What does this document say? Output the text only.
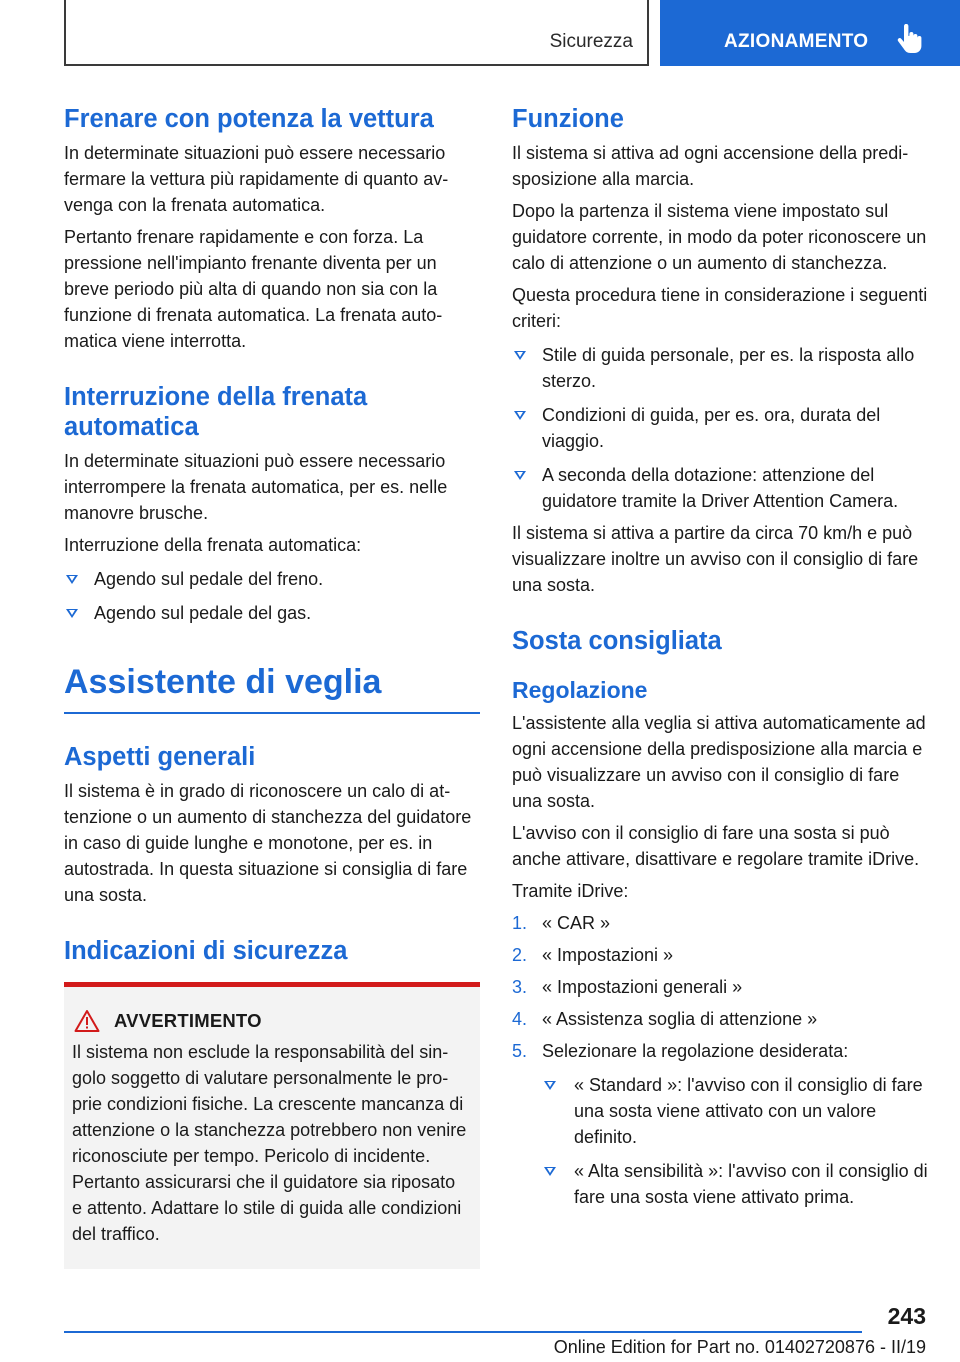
Sicurezza	AZIONAMENTO
Frenare con potenza la vettura

In determinate situazioni può essere necessario fermare la vettura più rapidamente di quanto avvenga con la frenata automatica.

Pertanto frenare rapidamente e con forza. La pressione nell'impianto frenante diventa per un breve periodo più alta di quando non sia con la funzione di frenata automatica. La frenata automatica viene interrotta.

Interruzione della frenata automatica

In determinate situazioni può essere necessario interrompere la frenata automatica, per es. nelle manovre brusche.

Interruzione della frenata automatica:

Agendo sul pedale del freno.
Agendo sul pedale del gas.
Assistente di veglia
Aspetti generali

Il sistema è in grado di riconoscere un calo di attenzione o un aumento di stanchezza del guidatore in caso di guide lunghe e monotone, per es. in autostrada. In questa situazione si consiglia di fare una sosta.

Indicazioni di sicurezza
AVVERTIMENTO

Il sistema non esclude la responsabilità del singolo soggetto di valutare personalmente le proprie condizioni fisiche. La crescente mancanza di attenzione o la stanchezza potrebbero non venire riconosciute per tempo. Pericolo di incidente. Pertanto assicurarsi che il guidatore sia riposato e attento. Adattare lo stile di guida alle condizioni del traffico.

Funzione

Il sistema si attiva ad ogni accensione della predisposizione alla marcia.

Dopo la partenza il sistema viene impostato sul guidatore corrente, in modo da poter riconoscere un calo di attenzione o un aumento di stanchezza.

Questa procedura tiene in considerazione i seguenti criteri:

Stile di guida personale, per es. la risposta allo sterzo.
Condizioni di guida, per es. ora, durata del viaggio.
A seconda della dotazione: attenzione del guidatore tramite la Driver Attention Camera.

Il sistema si attiva a partire da circa 70 km/h e può visualizzare inoltre un avviso con il consiglio di fare una sosta.

Sosta consigliata
Regolazione

L'assistente alla veglia si attiva automaticamente ad ogni accensione della predisposizione alla marcia e può visualizzare un avviso con il consiglio di fare una sosta.

L'avviso con il consiglio di fare una sosta si può anche attivare, disattivare e regolare tramite iDrive.

Tramite iDrive:

1. « CAR »
2. « Impostazioni »
3. « Impostazioni generali »
4. « Assistenza soglia di attenzione »
5. Selezionare la regolazione desiderata:
« Standard »: l'avviso con il consiglio di fare una sosta viene attivato con un valore definito.
« Alta sensibilità »: l'avviso con il consiglio di fare una sosta viene attivato prima.
243
Online Edition for Part no. 01402720876 - II/19
